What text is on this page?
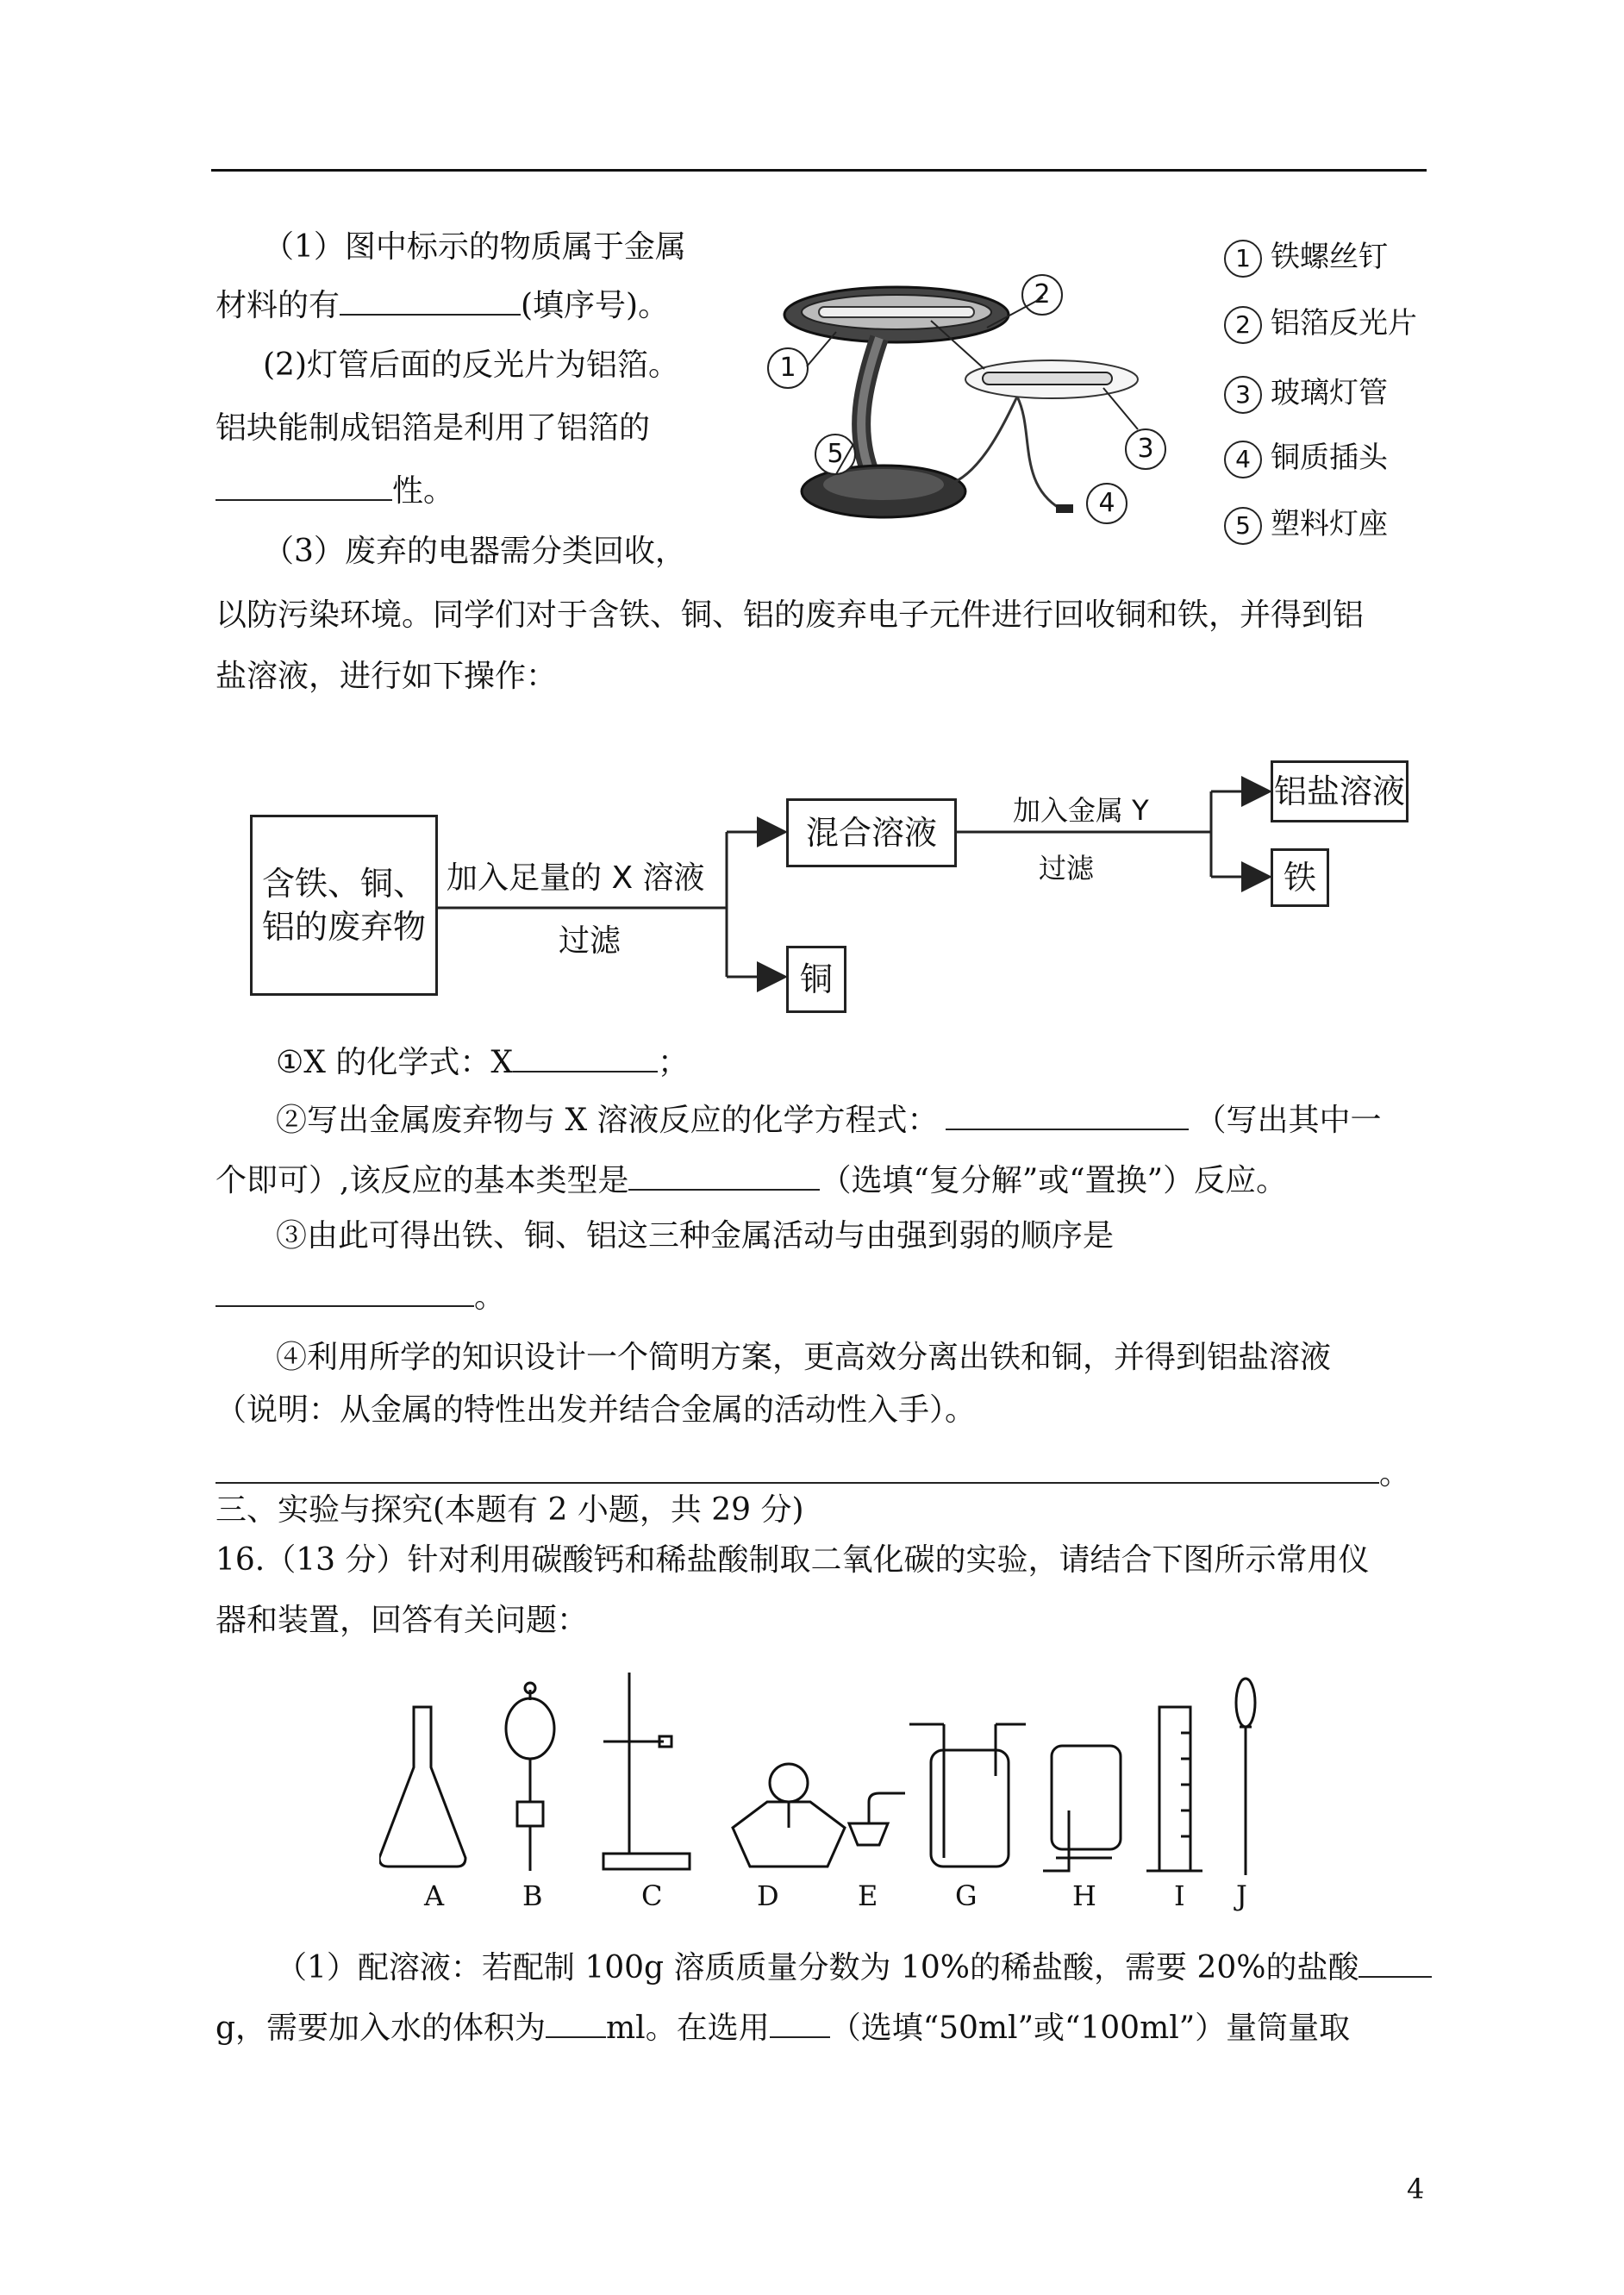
（1）图中标示的物质属于金属
材料的有	(填序号)。
(2)灯管后面的反光片为铝箔。
铝块能制成铝箔是利用了铝箔的
性。
（3）废弃的电器需分类回收，
以防污染环境。同学们对于含铁、铜、铝的废弃电子元件进行回收铜和铁，并得到铝
盐溶液，进行如下操作：
1
2
3
4
5
1 铁螺丝钉
2 铝箔反光片
3 玻璃灯管
4 铜质插头
5 塑料灯座
含铁、铜、铝的废弃物
加入足量的 X 溶液
过滤
混合溶液
铜
加入金属 Y
过滤
铝盐溶液
铁
①X 的化学式：X	；
②写出金属废弃物与 X 溶液反应的化学方程式：	（写出其中一
个即可）,该反应的基本类型是	（选填“复分解”或“置换”）反应。
③由此可得出铁、铜、铝这三种金属活动与由强到弱的顺序是
。
④利用所学的知识设计一个简明方案，更高效分离出铁和铜，并得到铝盐溶液
（说明：从金属的特性出发并结合金属的活动性入手）。
。
三、实验与探究(本题有 2 小题，共 29 分)
16.（13 分）针对利用碳酸钙和稀盐酸制取二氧化碳的实验，请结合下图所示常用仪
器和装置，回答有关问题：
A	B	C	D	E	G	H	I J
（1）配溶液：若配制 100g 溶质质量分数为 10%的稀盐酸，需要 20%的盐酸
g，需要加入水的体积为 ml。在选用 （选填“50ml”或“100ml”）量筒量取
4
